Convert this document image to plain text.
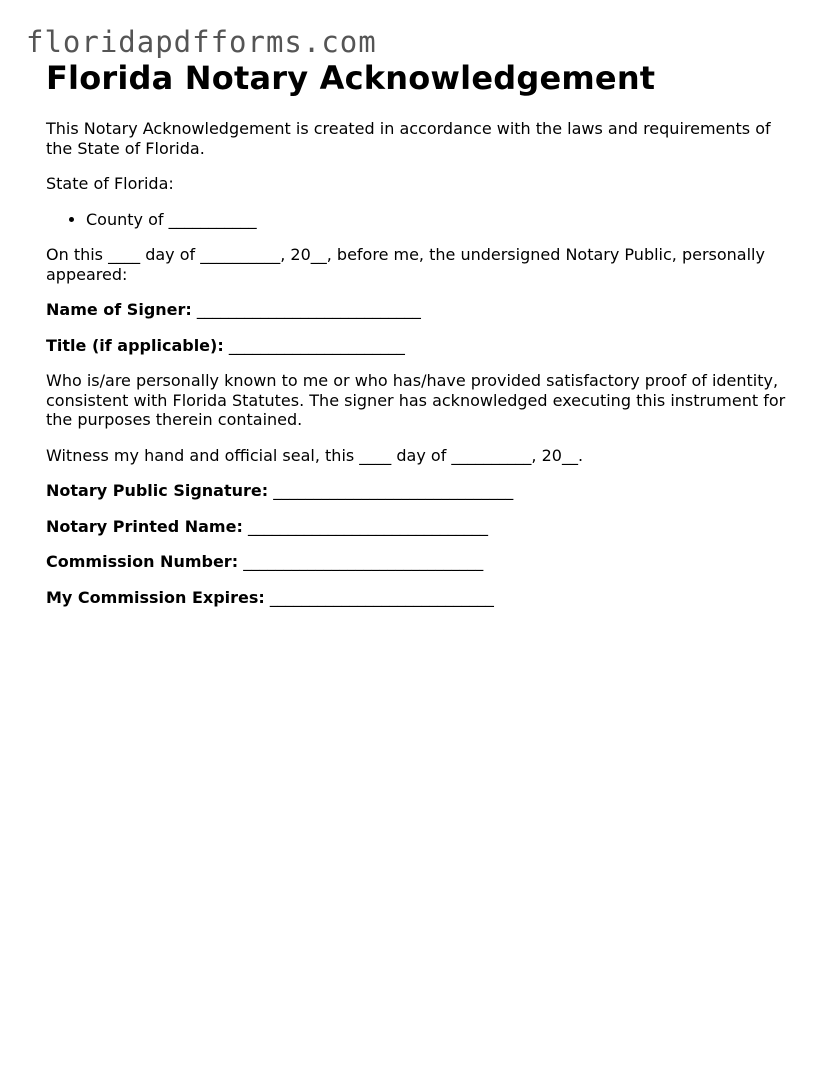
floridapdfforms.com
Florida Notary Acknowledgement

This Notary Acknowledgement is created in accordance with the laws and requirements of the State of Florida.

State of Florida:

• County of ___________

On this ____ day of __________, 20__, before me, the undersigned Notary Public, personally appeared:

Name of Signer: ____________________________

Title (if applicable): ______________________

Who is/are personally known to me or who has/have provided satisfactory proof of identity, consistent with Florida Statutes. The signer has acknowledged executing this instrument for the purposes therein contained.

Witness my hand and official seal, this ____ day of __________, 20__.

Notary Public Signature: ______________________________

Notary Printed Name: ______________________________

Commission Number: ______________________________

My Commission Expires: ____________________________
